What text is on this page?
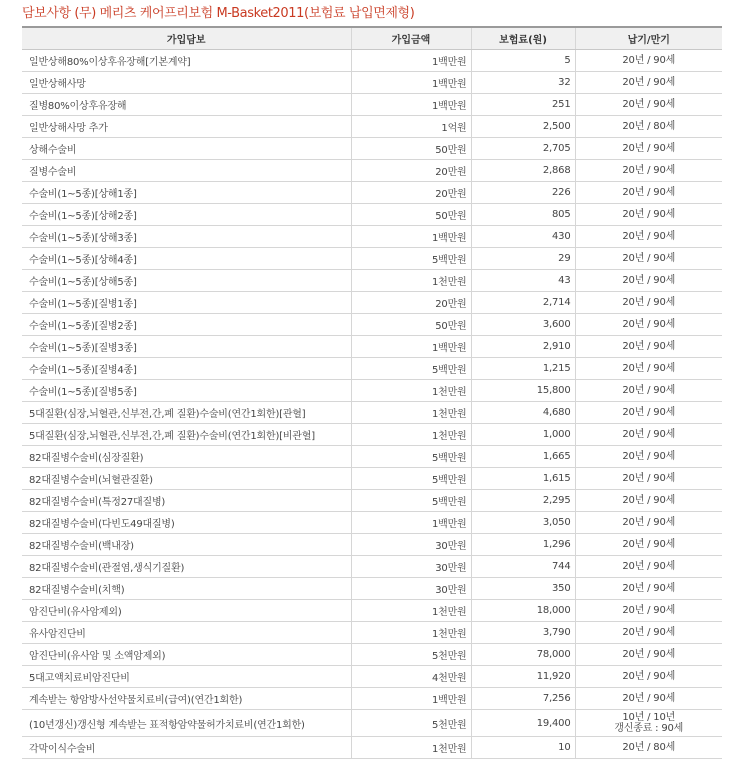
담보사항 (무) 메리츠 케어프리보험 M-Basket2011(보험료 납입면제형)
가입담보	가입금액	보험료(원)	납기/만기
일반상해80%이상후유장해[기본계약]	1백만원	5	20년 / 90세

일반상해사망	1백만원	32	20년 / 90세

질병80%이상후유장해	1백만원	251	20년 / 90세

일반상해사망 추가	1억원	2,500	20년 / 80세

상해수술비	50만원	2,705	20년 / 90세

질병수술비	20만원	2,868	20년 / 90세

수술비(1~5종)[상해1종]	20만원	226	20년 / 90세

수술비(1~5종)[상해2종]	50만원	805	20년 / 90세

수술비(1~5종)[상해3종]	1백만원	430	20년 / 90세

수술비(1~5종)[상해4종]	5백만원	29	20년 / 90세

수술비(1~5종)[상해5종]	1천만원	43	20년 / 90세

수술비(1~5종)[질병1종]	20만원	2,714	20년 / 90세

수술비(1~5종)[질병2종]	50만원	3,600	20년 / 90세

수술비(1~5종)[질병3종]	1백만원	2,910	20년 / 90세

수술비(1~5종)[질병4종]	5백만원	1,215	20년 / 90세

수술비(1~5종)[질병5종]	1천만원	15,800	20년 / 90세

5대질환(심장,뇌혈관,신부전,간,폐 질환)수술비(연간1회한)[관혈]	1천만원	4,680	20년 / 90세

5대질환(심장,뇌혈관,신부전,간,폐 질환)수술비(연간1회한)[비관혈]	1천만원	1,000	20년 / 90세

82대질병수술비(심장질환)	5백만원	1,665	20년 / 90세

82대질병수술비(뇌혈관질환)	5백만원	1,615	20년 / 90세

82대질병수술비(특정27대질병)	5백만원	2,295	20년 / 90세

82대질병수술비(다빈도49대질병)	1백만원	3,050	20년 / 90세

82대질병수술비(백내장)	30만원	1,296	20년 / 90세

82대질병수술비(관절염,생식기질환)	30만원	744	20년 / 90세

82대질병수술비(치핵)	30만원	350	20년 / 90세

암진단비(유사암제외)	1천만원	18,000	20년 / 90세

유사암진단비	1천만원	3,790	20년 / 90세

암진단비(유사암 및 소액암제외)	5천만원	78,000	20년 / 90세

5대고액치료비암진단비	4천만원	11,920	20년 / 90세

계속받는 항암방사선약물치료비(급여)(연간1회한)	1백만원	7,256	20년 / 90세

(10년갱신)갱신형 계속받는 표적항암약물허가치료비(연간1회한)	5천만원	19,400	10년 / 10년
갱신종료 : 90세

각막이식수술비	1천만원	10	20년 / 80세
